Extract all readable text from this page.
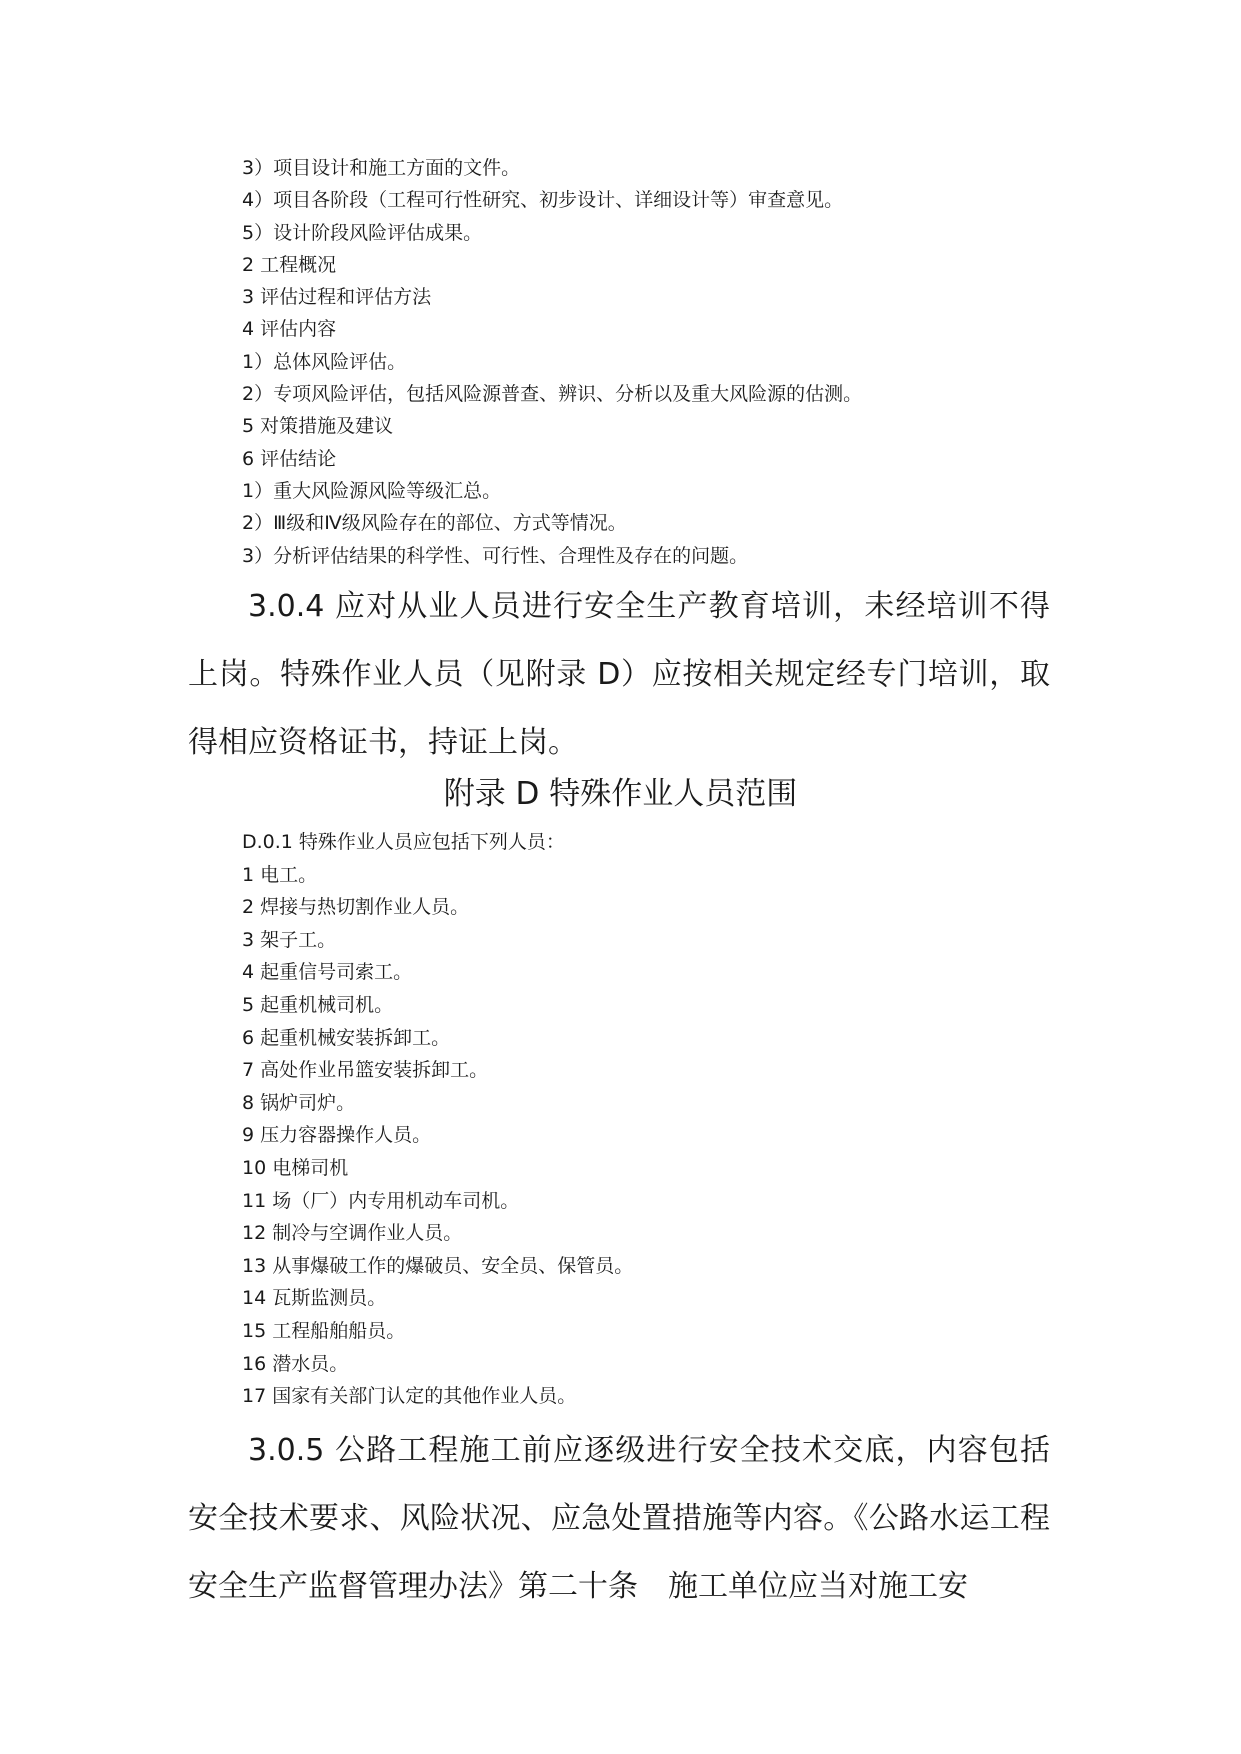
3）项目设计和施工方面的文件。
4）项目各阶段（工程可行性研究、初步设计、详细设计等）审查意见。
5）设计阶段风险评估成果。
2 工程概况
3 评估过程和评估方法
4 评估内容
1）总体风险评估。
2）专项风险评估，包括风险源普查、辨识、分析以及重大风险源的估测。
5 对策措施及建议
6 评估结论
1）重大风险源风险等级汇总。
2）Ⅲ级和Ⅳ级风险存在的部位、方式等情况。
3）分析评估结果的科学性、可行性、合理性及存在的问题。

3.0.4 应对从业人员进行安全生产教育培训，未经培训不得上岗。特殊作业人员（见附录 D）应按相关规定经专门培训，取得相应资格证书，持证上岗。

附录 D 特殊作业人员范围
D.0.1 特殊作业人员应包括下列人员：
1 电工。
2 焊接与热切割作业人员。
3 架子工。
4 起重信号司索工。
5 起重机械司机。
6 起重机械安装拆卸工。
7 高处作业吊篮安装拆卸工。
8 锅炉司炉。
9 压力容器操作人员。
10 电梯司机
11 场（厂）内专用机动车司机。
12 制冷与空调作业人员。
13 从事爆破工作的爆破员、安全员、保管员。
14 瓦斯监测员。
15 工程船舶船员。
16 潜水员。
17 国家有关部门认定的其他作业人员。

3.0.5 公路工程施工前应逐级进行安全技术交底，内容包括安全技术要求、风险状况、应急处置措施等内容。《公路水运工程安全生产监督管理办法》第二十条　施工单位应当对施工安
